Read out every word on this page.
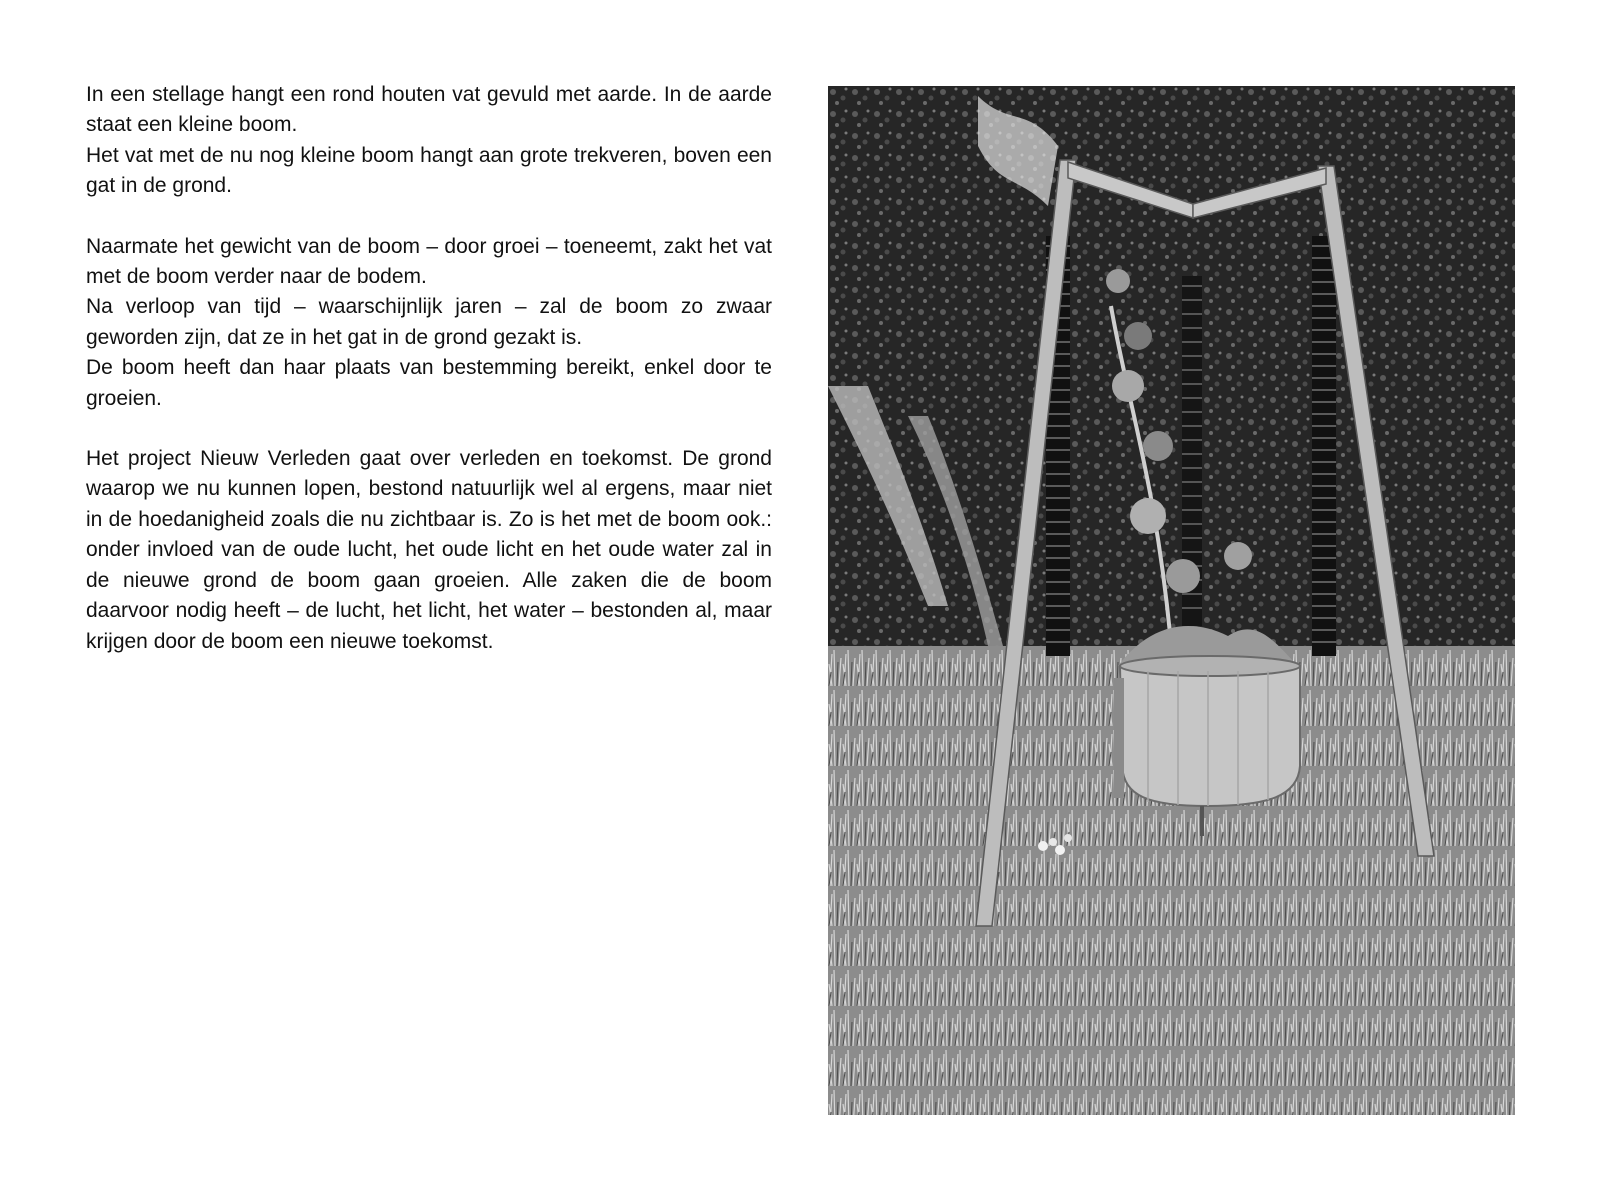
In een stellage hangt een rond houten vat gevuld met aarde. In de aarde staat een kleine boom.

Het vat met de nu nog kleine boom hangt aan grote trekveren, boven een gat in de grond.

Naarmate het gewicht van de boom – door groei – toeneemt, zakt het vat met de boom verder naar de bodem.

Na verloop van tijd – waarschijnlijk jaren – zal de boom zo zwaar geworden zijn, dat ze in het gat in de grond gezakt is.

De boom heeft dan haar plaats van bestemming bereikt, enkel door te groeien.

Het project Nieuw Verleden gaat over verleden en toekomst. De grond waarop we nu kunnen lopen, bestond natuurlijk wel al ergens, maar niet in de hoedanigheid zoals die nu zichtbaar is. Zo is het met de boom ook.: onder invloed van de oude lucht, het oude licht en het oude water zal in de nieuwe grond de boom gaan groeien. Alle zaken die de boom daarvoor nodig heeft – de lucht, het licht, het water – bestonden al, maar krijgen door de boom een nieuwe toekomst.
